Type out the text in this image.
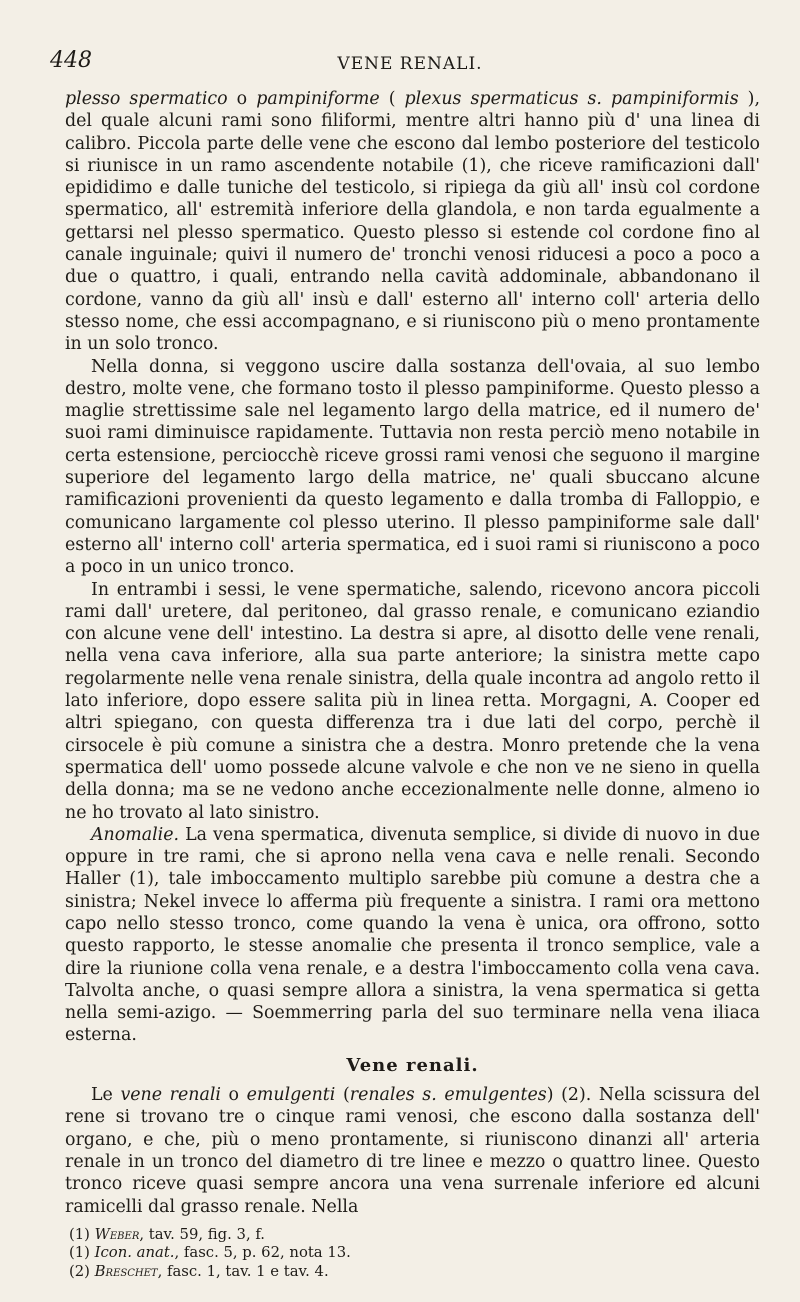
448	VENE RENALI.

plesso spermatico o pampiniforme ( plexus spermaticus s. pampiniformis ), del quale alcuni rami sono filiformi, mentre altri hanno più d' una linea di calibro. Piccola parte delle vene che escono dal lembo posteriore del testicolo si riunisce in un ramo ascendente notabile (1), che riceve ramificazioni dall' epididimo e dalle tuniche del testicolo, si ripiega da giù all' insù col cordone spermatico, all' estremità inferiore della glandola, e non tarda egualmente a gettarsi nel plesso spermatico. Questo plesso si estende col cordone fino al canale inguinale; quivi il numero de' tronchi venosi riducesi a poco a poco a due o quattro, i quali, entrando nella cavità addominale, abbandonano il cordone, vanno da giù all' insù e dall' esterno all' interno coll' arteria dello stesso nome, che essi accompagnano, e si riuniscono più o meno prontamente in un solo tronco.

Nella donna, si veggono uscire dalla sostanza dell'ovaia, al suo lembo destro, molte vene, che formano tosto il plesso pampiniforme. Questo plesso a maglie strettissime sale nel legamento largo della matrice, ed il numero de' suoi rami diminuisce rapidamente. Tuttavia non resta perciò meno notabile in certa estensione, perciocchè riceve grossi rami venosi che seguono il margine superiore del legamento largo della matrice, ne' quali sbuccano alcune ramificazioni provenienti da questo legamento e dalla tromba di Falloppio, e comunicano largamente col plesso uterino. Il plesso pampiniforme sale dall' esterno all' interno coll' arteria spermatica, ed i suoi rami si riuniscono a poco a poco in un unico tronco.

In entrambi i sessi, le vene spermatiche, salendo, ricevono ancora piccoli rami dall' uretere, dal peritoneo, dal grasso renale, e comunicano eziandio con alcune vene dell' intestino. La destra si apre, al disotto delle vene renali, nella vena cava inferiore, alla sua parte anteriore; la sinistra mette capo regolarmente nelle vena renale sinistra, della quale incontra ad angolo retto il lato inferiore, dopo essere salita più in linea retta. Morgagni, A. Cooper ed altri spiegano, con questa differenza tra i due lati del corpo, perchè il cirsocele è più comune a sinistra che a destra. Monro pretende che la vena spermatica dell' uomo possede alcune valvole e che non ve ne sieno in quella della donna; ma se ne vedono anche eccezionalmente nelle donne, almeno io ne ho trovato al lato sinistro.

Anomalie. La vena spermatica, divenuta semplice, si divide di nuovo in due oppure in tre rami, che si aprono nella vena cava e nelle renali. Secondo Haller (1), tale imboccamento multiplo sarebbe più comune a destra che a sinistra; Nekel invece lo afferma più frequente a sinistra. I rami ora mettono capo nello stesso tronco, come quando la vena è unica, ora offrono, sotto questo rapporto, le stesse anomalie che presenta il tronco semplice, vale a dire la riunione colla vena renale, e a destra l'imboccamento colla vena cava. Talvolta anche, o quasi sempre allora a sinistra, la vena spermatica si getta nella semi-azigo. — Soemmerring parla del suo terminare nella vena iliaca esterna.

Vene renali.

Le vene renali o emulgenti (renales s. emulgentes) (2). Nella scissura del rene si trovano tre o cinque rami venosi, che escono dalla sostanza dell' organo, e che, più o meno prontamente, si riuniscono dinanzi all' arteria renale in un tronco del diametro di tre linee e mezzo o quattro linee. Questo tronco riceve quasi sempre ancora una vena surrenale inferiore ed alcuni ramicelli dal grasso renale. Nella

(1) Weber, tav. 59, fig. 3, f.
(1) Icon. anat., fasc. 5, p. 62, nota 13.
(2) Breschet, fasc. 1, tav. 1 e tav. 4.
